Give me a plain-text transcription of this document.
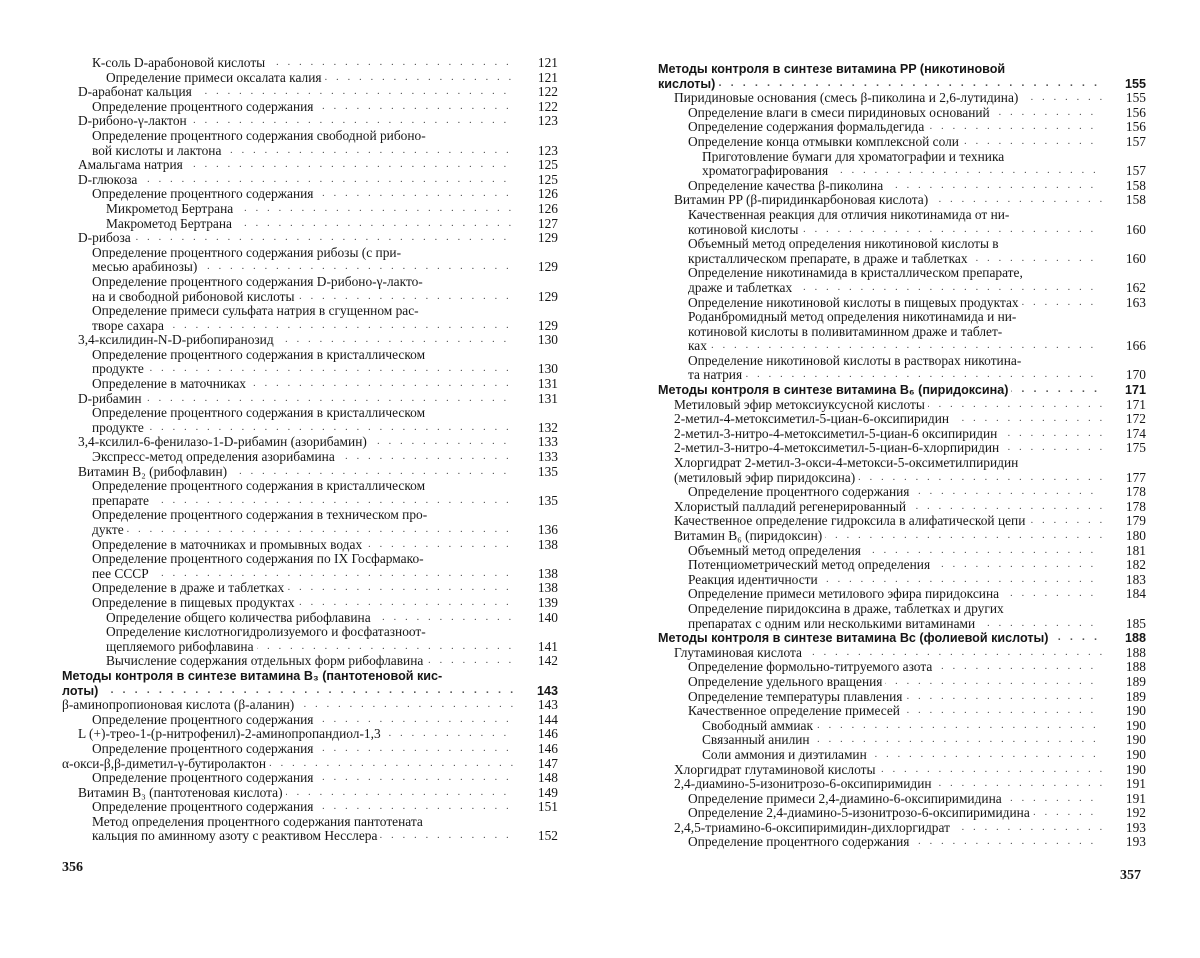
К-соль D-арабоновой кислоты . . .	121
Определение примеси оксалата калия . . .	121
D-арабонат кальция . . .	122
Определение процентного содержания . . .	122
D-рибоно-γ-лактон . . .	123
Определение процентного содержания свободной рибоно-
вой кислоты и лактона . . .	123
Амальгама натрия . . .	125
D-глюкоза . . .	125
Определение процентного содержания . . .	126
Микрометод Бертрана . . .	126
Макрометод Бертрана . . .	127
D-рибоза . . .	129
Определение процентного содержания рибозы (с при-
месью арабинозы) . . .	129
Определение процентного содержания D-рибоно-γ-лакто-
на и свободной рибоновой кислоты . . .	129
Определение примеси сульфата натрия в сгущенном рас-
творе сахара . . .	129
3,4-ксилидин-N-D-рибопиранозид . . .	130
Определение процентного содержания в кристаллическом
продукте . . .	130
Определение в маточниках . . .	131
D-рибамин . . .	131
Определение процентного содержания в кристаллическом
продукте . . .	132
3,4-ксилил-6-фенилазо-1-D-рибамин (азорибамин) . . .	133
Экспресс-метод определения азорибамина . . .	133
Витамин B₂ (рибофлавин) . . .	135
Определение процентного содержания в кристаллическом
препарате . . .	135
Определение процентного содержания в техническом про-
дукте . . .	136
Определение в маточниках и промывных водах . . .	138
Определение процентного содержания по IX Госфармако-
пее СССР . . .	138
Определение в драже и таблетках . . .	138
Определение в пищевых продуктах . . .	139
Определение общего количества рибофлавина . . .	140
Определение кислотногидролизуемого и фосфатазноот-
щепляемого рибофлавина . . .	141
Вычисление содержания отдельных форм рибофлавина . . .	142
Методы контроля в синтезе витамина B₃ (пантотеновой кис-
лоты) . . .	143
β-аминопропионовая кислота (β-аланин) . . .	143
Определение процентного содержания . . .	144
L (+)-трео-1-(р-нитрофенил)-2-аминопропандиол-1,3 . . .	146
Определение процентного содержания . . .	146
α-окси-β,β-диметил-γ-бутиролактон . . .	147
Определение процентного содержания . . .	148
Витамин B₃ (пантотеновая кислота) . . .	149
Определение процентного содержания . . .	151
Метод определения процентного содержания пантотената
кальция по аминному азоту с реактивом Несслера . . .	152
Методы контроля в синтезе витамина PP (никотиновой
кислоты) . . .	155
Пиридиновые основания (смесь β-пиколина и 2,6-лутидина) . . .	155
Определение влаги в смеси пиридиновых оснований . . .	156
Определение содержания формальдегида . . .	156
Определение конца отмывки комплексной соли . . .	157
Приготовление бумаги для хроматографии и техника
хроматографирования . . .	157
Определение качества β-пиколина . . .	158
Витамин PP (β-пиридинкарбоновая кислота) . . .	158
Качественная реакция для отличия никотинамида от ни-
котиновой кислоты . . .	160
Объемный метод определения никотиновой кислоты в
кристаллическом препарате, в драже и таблетках . . .	160
Определение никотинамида в кристаллическом препарате,
драже и таблетках . . .	162
Определение никотиновой кислоты в пищевых продуктах . . .	163
Роданбромидный метод определения никотинамида и ни-
котиновой кислоты в поливитаминном драже и таблет-
ках . . .	166
Определение никотиновой кислоты в растворах никотина-
та натрия . . .	170
Методы контроля в синтезе витамина B₆ (пиридоксина) . . .	171
Метиловый эфир метоксиуксусной кислоты . . .	171
2-метил-4-метоксиметил-5-циан-6-оксипиридин . . .	172
2-метил-3-нитро-4-метоксиметил-5-циан-6 оксипиридин . . .	174
2-метил-3-нитро-4-метоксиметил-5-циан-6-хлорпиридин . . .	175
Хлоргидрат 2-метил-3-окси-4-метокси-5-оксиметилпиридин
(метиловый эфир пиридоксина) . . .	177
Определение процентного содержания . . .	178
Хлористый палладий регенерированный . . .	178
Качественное определение гидроксила в алифатической цепи . . .	179
Витамин B₆ (пиридоксин) . . .	180
Объемный метод определения . . .	181
Потенциометрический метод определения . . .	182
Реакция идентичности . . .	183
Определение примеси метилового эфира пиридоксина . . .	184
Определение пиридоксина в драже, таблетках и других
препаратах с одним или несколькими витаминами . . .	185
Методы контроля в синтезе витамина Bc (фолиевой кислоты) . . .	188
Глутаминовая кислота . . .	188
Определение формольно-титруемого азота . . .	188
Определение удельного вращения . . .	189
Определение температуры плавления . . .	189
Качественное определение примесей . . .	190
Свободный аммиак . . .	190
Связанный анилин . . .	190
Соли аммония и диэтиламин . . .	190
Хлоргидрат глутаминовой кислоты . . .	190
2,4-диамино-5-изонитрозо-6-оксипиримидин . . .	191
Определение примеси 2,4-диамино-6-оксипиримидина . . .	191
Определение 2,4-диамино-5-изонитрозо-6-оксипиримидина . . .	192
2,4,5-триамино-6-оксипиримидин-дихлоргидрат . . .	193
Определение процентного содержания . . .	193
356
357
